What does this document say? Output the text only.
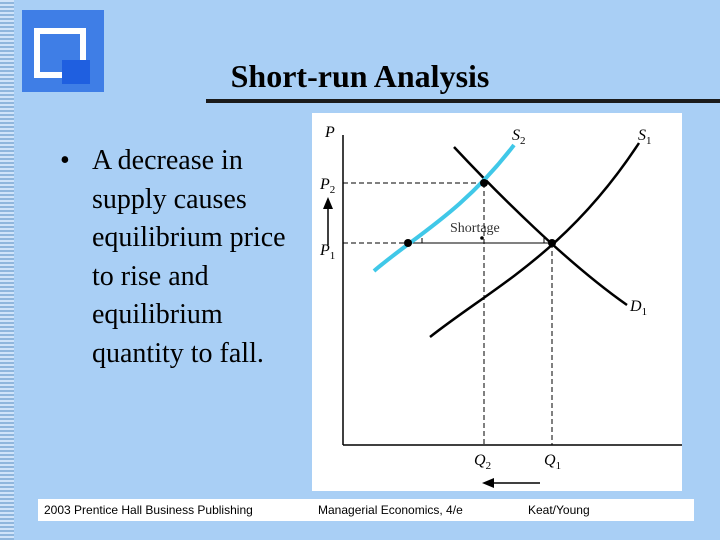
Short-run Analysis
• A decrease in supply causes equilibrium price to rise and equilibrium quantity to fall.
P
$P_2$
$P_1$
$S_2$	$S_1$
$D_1$
Shortage
$Q_2$	$Q_1$
2003 Prentice Hall Business Publishing	Managerial Economics, 4/e	Keat/Young
